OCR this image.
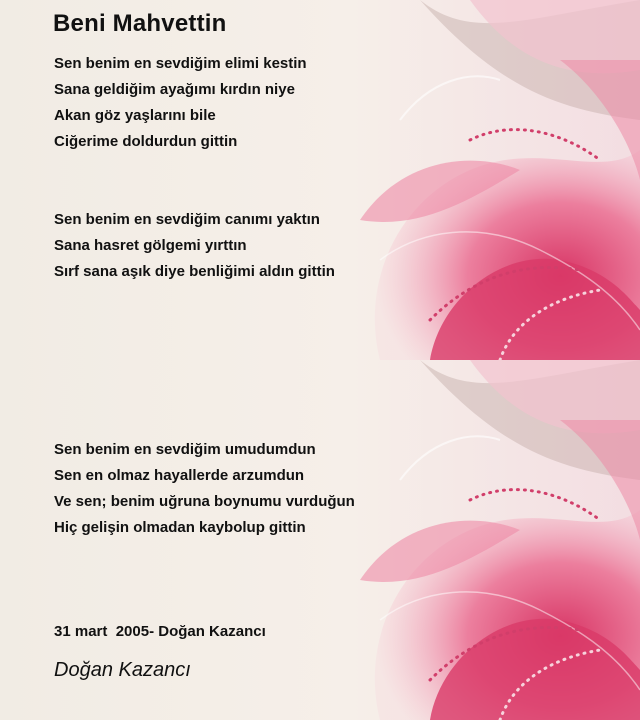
Beni Mahvettin
Sen benim en sevdiğim elimi kestin
Sana geldiğim ayağımı kırdın niye
Akan göz yaşlarını bile
Ciğerime doldurdun gittin
Sen benim en sevdiğim canımı yaktın
Sana hasret gölgemi yırttın
Sırf sana aşık diye benliğimi aldın gittin
Sen benim en sevdiğim umudumdun
Sen en olmaz hayallerde arzumdun
Ve sen; benim uğruna boynumu vurduğun
Hiç gelişin olmadan kaybolup gittin

31 mart  2005- Doğan Kazancı

Doğan Kazancı
